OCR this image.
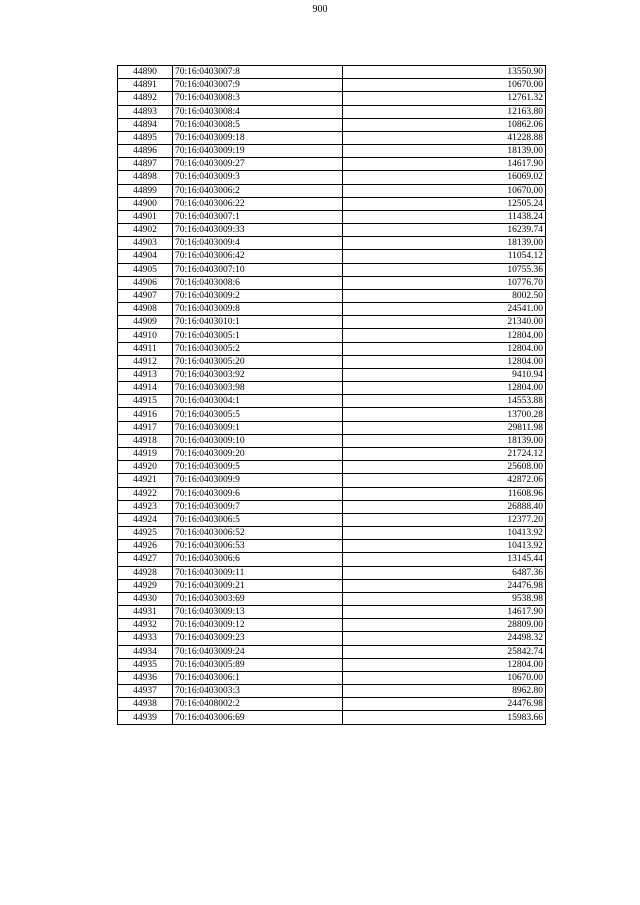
900
44890	70:16:0403007:8	13550.90
44891	70:16:0403007:9	10670.00
44892	70:16:0403008:3	12761.32
44893	70:16:0403008:4	12163.80
44894	70:16:0403008:5	10862.06
44895	70:16:0403009:18	41228.88
44896	70:16:0403009:19	18139.00
44897	70:16:0403009:27	14617.90
44898	70:16:0403009:3	16069.02
44899	70:16:0403006:2	10670.00
44900	70:16:0403006:22	12505.24
44901	70:16:0403007:1	11438.24
44902	70:16:0403009:33	16239.74
44903	70:16:0403009:4	18139.00
44904	70:16:0403006:42	11054.12
44905	70:16:0403007:10	10755.36
44906	70:16:0403008:6	10776.70
44907	70:16:0403009:2	8002.50
44908	70:16:0403009:8	24541.00
44909	70:16:0403010:1	21340.00
44910	70:16:0403005:1	12804.00
44911	70:16:0403005:2	12804.00
44912	70:16:0403005:20	12804.00
44913	70:16:0403003:92	9410.94
44914	70:16:0403003:98	12804.00
44915	70:16:0403004:1	14553.88
44916	70:16:0403005:5	13700.28
44917	70:16:0403009:1	29811.98
44918	70:16:0403009:10	18139.00
44919	70:16:0403009:20	21724.12
44920	70:16:0403009:5	25608.00
44921	70:16:0403009:9	42872.06
44922	70:16:0403009:6	11608.96
44923	70:16:0403009:7	26888.40
44924	70:16:0403006:5	12377.20
44925	70:16:0403006:52	10413.92
44926	70:16:0403006:53	10413.92
44927	70:16:0403006:6	13145.44
44928	70:16:0403009:11	6487.36
44929	70:16:0403009:21	24476.98
44930	70:16:0403003:69	9538.98
44931	70:16:0403009:13	14617.90
44932	70:16:0403009:12	28809.00
44933	70:16:0403009:23	24498.32
44934	70:16:0403009:24	25842.74
44935	70:16:0403005:89	12804.00
44936	70:16:0403006:1	10670.00
44937	70:16:0403003:3	8962.80
44938	70:16:0408002:2	24476.98
44939	70:16:0403006:69	15983.66
